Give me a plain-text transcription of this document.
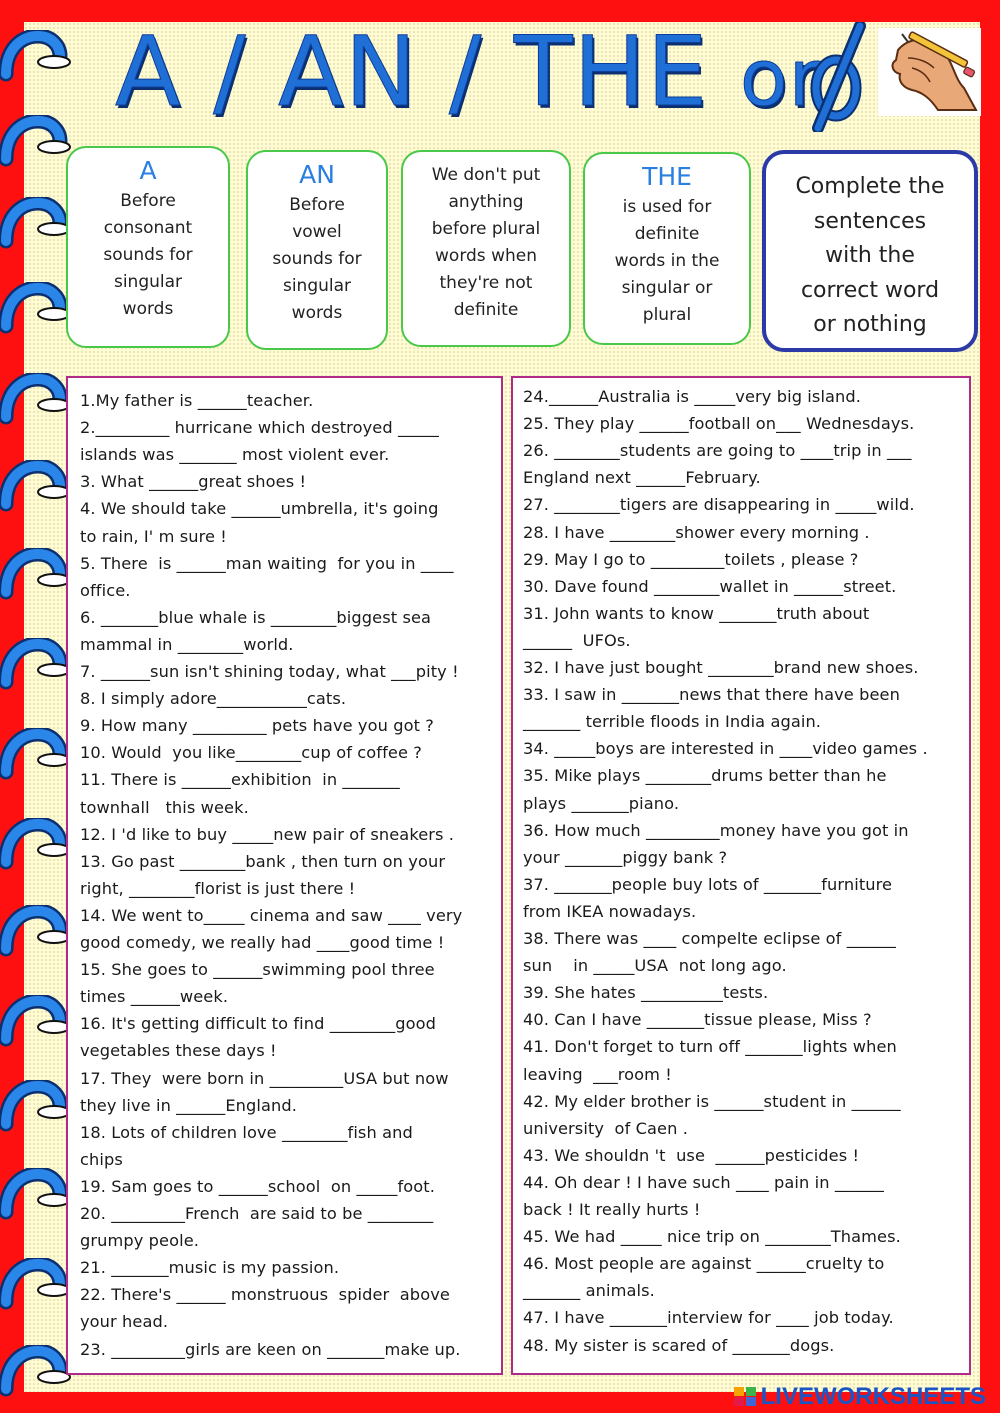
A / AN / THE or
A
Before
consonant
sounds for
singular
words
AN
Before
vowel
sounds for
singular
words
We don't put
anything
before plural
words when
they're not
definite
THE
is used for
definite
words in the
singular or
plural
Complete the
sentences
with the
correct word
or nothing
1.My father is ______teacher.
2._________ hurricane which destroyed _____
islands was _______ most violent ever.
3. What ______great shoes !
4. We should take ______umbrella, it's going
to rain, I' m sure !
5. There  is ______man waiting  for you in ____
office.
6. _______blue whale is ________biggest sea
mammal in ________world.
7. ______sun isn't shining today, what ___pity !
8. I simply adore___________cats.
9. How many _________ pets have you got ?
10. Would  you like________cup of coffee ?
11. There is ______exhibition  in _______
townhall   this week.
12. I 'd like to buy _____new pair of sneakers .
13. Go past ________bank , then turn on your
right, ________florist is just there !
14. We went to_____ cinema and saw ____ very
good comedy, we really had ____good time !
15. She goes to ______swimming pool three
times ______week.
16. It's getting difficult to find ________good
vegetables these days !
17. They  were born in _________USA but now
they live in ______England.
18. Lots of children love ________fish and
chips
19. Sam goes to ______school  on _____foot.
20. _________French  are said to be ________
grumpy peole.
21. _______music is my passion.
22. There's ______ monstruous  spider  above
your head.
23. _________girls are keen on _______make up.
24.______Australia is _____very big island.
25. They play ______football on___ Wednesdays.
26. ________students are going to ____trip in ___
England next ______February.
27. ________tigers are disappearing in _____wild.
28. I have ________shower every morning .
29. May I go to _________toilets , please ?
30. Dave found ________wallet in ______street.
31. John wants to know _______truth about
______  UFOs.
32. I have just bought ________brand new shoes.
33. I saw in _______news that there have been
_______ terrible floods in India again.
34. _____boys are interested in ____video games .
35. Mike plays ________drums better than he
plays _______piano.
36. How much _________money have you got in
your _______piggy bank ?
37. _______people buy lots of _______furniture
from IKEA nowadays.
38. There was ____ compelte eclipse of ______
sun    in _____USA  not long ago.
39. She hates __________tests.
40. Can I have _______tissue please, Miss ?
41. Don't forget to turn off _______lights when
leaving  ___room !
42. My elder brother is ______student in ______
university  of Caen .
43. We shouldn 't  use  ______pesticides !
44. Oh dear ! I have such ____ pain in ______
back ! It really hurts !
45. We had _____ nice trip on ________Thames.
46. Most people are against ______cruelty to
_______ animals.
47. I have _______interview for ____ job today.
48. My sister is scared of _______dogs.
LIVEWORKSHEETS
